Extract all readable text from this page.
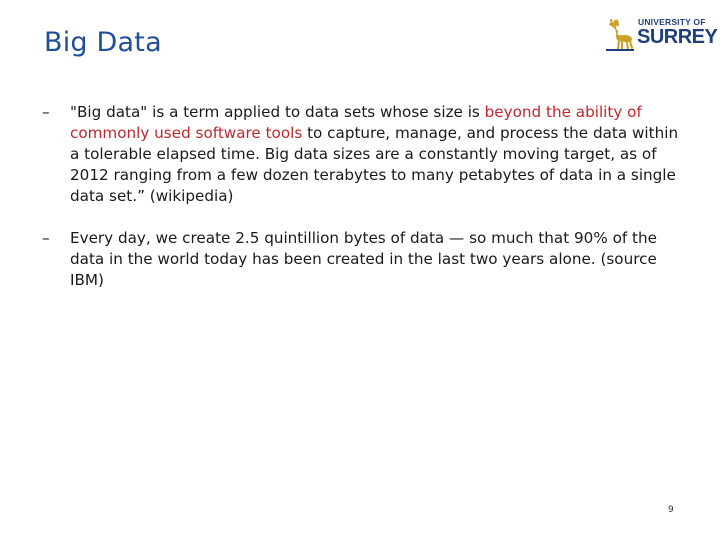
Big Data
UNIVERSITY OF
SURREY
– "Big data" is a term applied to data sets whose size is beyond the ability of commonly used software tools to capture, manage, and process the data within a tolerable elapsed time. Big data sizes are a constantly moving target, as of 2012 ranging from a few dozen terabytes to many petabytes of data in a single data set.” (wikipedia)
– Every day, we create 2.5 quintillion bytes of data — so much that 90% of the data in the world today has been created in the last two years alone. (source IBM)
9
